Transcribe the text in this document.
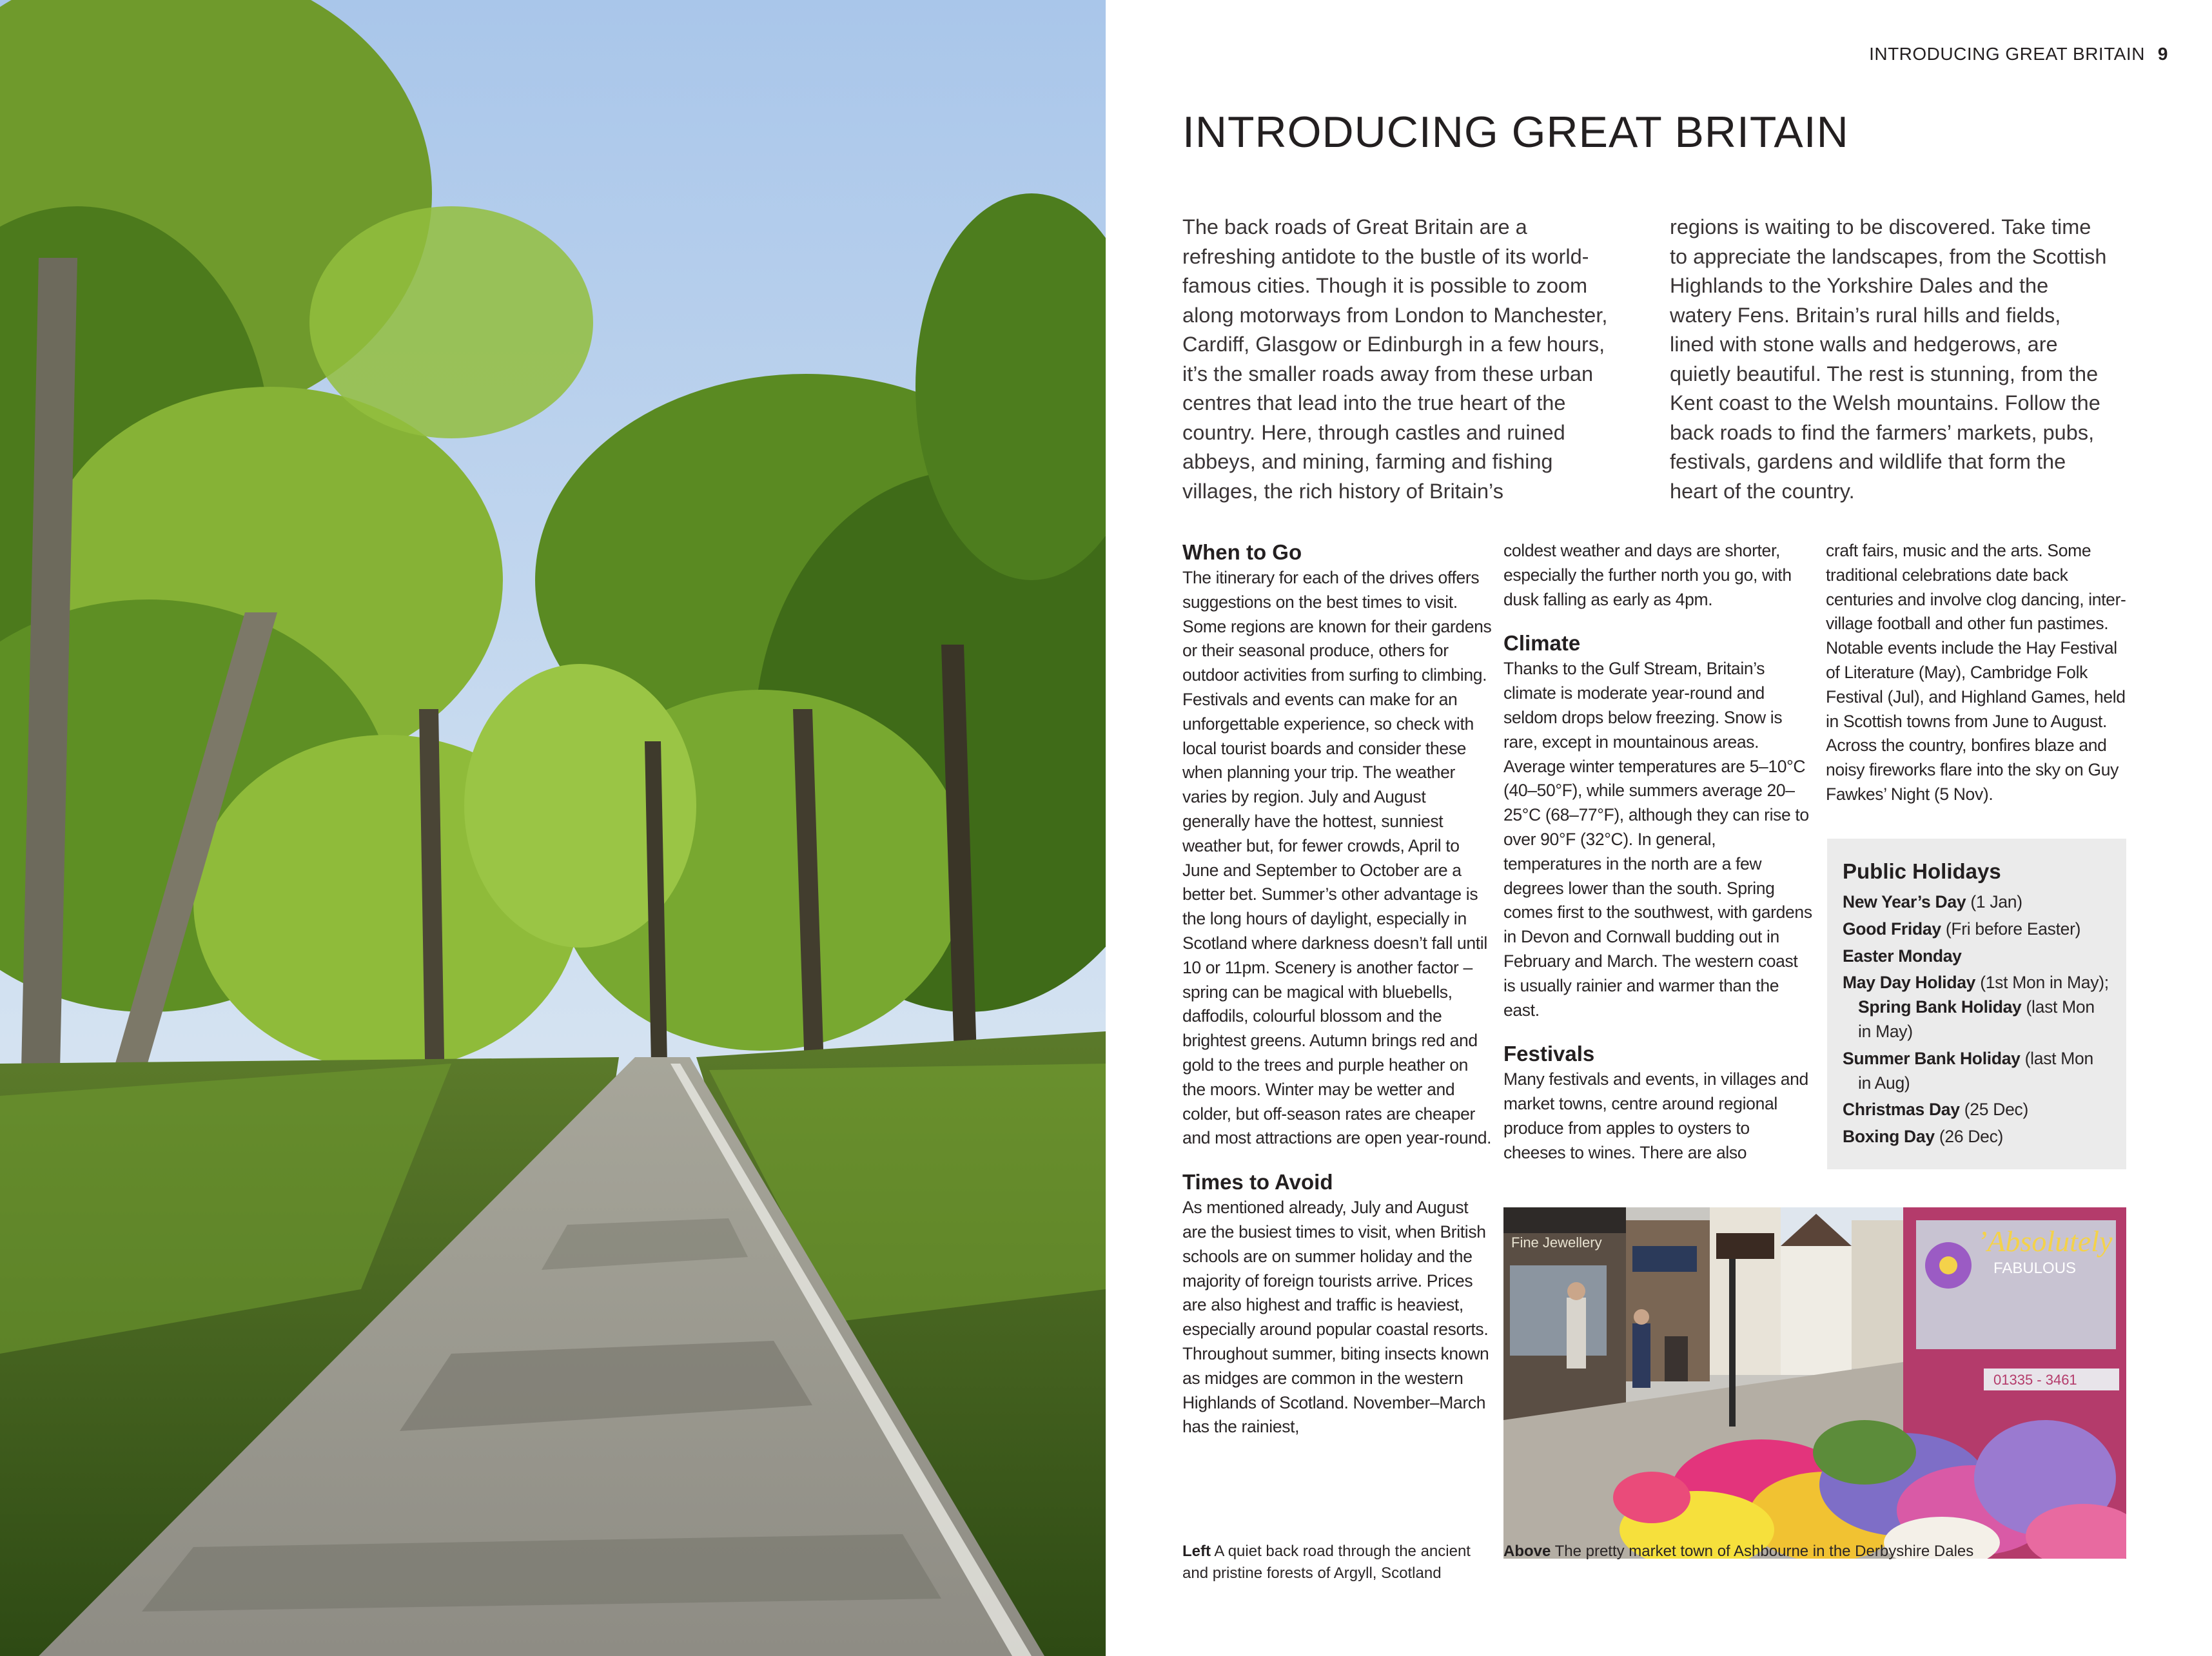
INTRODUCING GREAT BRITAIN 9
INTRODUCING GREAT BRITAIN

The back roads of Great Britain are a refreshing antidote to the bustle of its world-famous cities. Though it is possible to zoom along motorways from London to Manchester, Cardiff, Glasgow or Edinburgh in a few hours, it’s the smaller roads away from these urban centres that lead into the true heart of the country. Here, through castles and ruined abbeys, and mining, farming and fishing villages, the rich history of Britain’s

regions is waiting to be discovered. Take time to appreciate the landscapes, from the Scottish Highlands to the Yorkshire Dales and the watery Fens. Britain’s rural hills and fields, lined with stone walls and hedgerows, are quietly beautiful. The rest is stunning, from the Kent coast to the Welsh mountains. Follow the back roads to find the farmers’ markets, pubs, festivals, gardens and wildlife that form the heart of the country.

When to Go

The itinerary for each of the drives offers suggestions on the best times to visit. Some regions are known for their gardens or their seasonal produce, others for outdoor activities from surfing to climbing. Festivals and events can make for an unforgettable experience, so check with local tourist boards and consider these when planning your trip. The weather varies by region. July and August generally have the hottest, sunniest weather but, for fewer crowds, April to June and September to October are a better bet. Summer’s other advantage is the long hours of daylight, especially in Scotland where darkness doesn’t fall until 10 or 11pm. Scenery is another factor – spring can be magical with bluebells, daffodils, colourful blossom and the brightest greens. Autumn brings red and gold to the trees and purple heather on the moors. Winter may be wetter and colder, but off-season rates are cheaper and most attractions are open year-round.

Times to Avoid

As mentioned already, July and August are the busiest times to visit, when British schools are on summer holiday and the majority of foreign tourists arrive. Prices are also highest and traffic is heaviest, especially around popular coastal resorts. Throughout summer, biting insects known as midges are common in the western Highlands of Scotland. November–March has the rainiest,

coldest weather and days are shorter, especially the further north you go, with dusk falling as early as 4pm.

Climate

Thanks to the Gulf Stream, Britain’s climate is moderate year-round and seldom drops below freezing. Snow is rare, except in mountainous areas. Average winter temperatures are 5–10°C (40–50°F), while summers average 20–25°C (68–77°F), although they can rise to over 90°F (32°C). In general, temperatures in the north are a few degrees lower than the south. Spring comes first to the southwest, with gardens in Devon and Cornwall budding out in February and March. The western coast is usually rainier and warmer than the east.

Festivals

Many festivals and events, in villages and market towns, centre around regional produce from apples to oysters to cheeses to wines. There are also

craft fairs, music and the arts. Some traditional celebrations date back centuries and involve clog dancing, inter-village football and other fun pastimes. Notable events include the Hay Festival of Literature (May), Cambridge Folk Festival (Jul), and Highland Games, held in Scottish towns from June to August. Across the country, bonfires blaze and noisy fireworks flare into the sky on Guy Fawkes’ Night (5 Nov).

Public Holidays
New Year’s Day (1 Jan)
Good Friday (Fri before Easter)
Easter Monday
May Day Holiday (1st Mon in May); Spring Bank Holiday (last Mon in May)
Summer Bank Holiday (last Mon in Aug)
Christmas Day (25 Dec)
Boxing Day (26 Dec)
Fine Jewellery	’Absolutely
FABULOUS
01335 - 3461
Left A quiet back road through the ancient and pristine forests of Argyll, Scotland
Above The pretty market town of Ashbourne in the Derbyshire Dales
